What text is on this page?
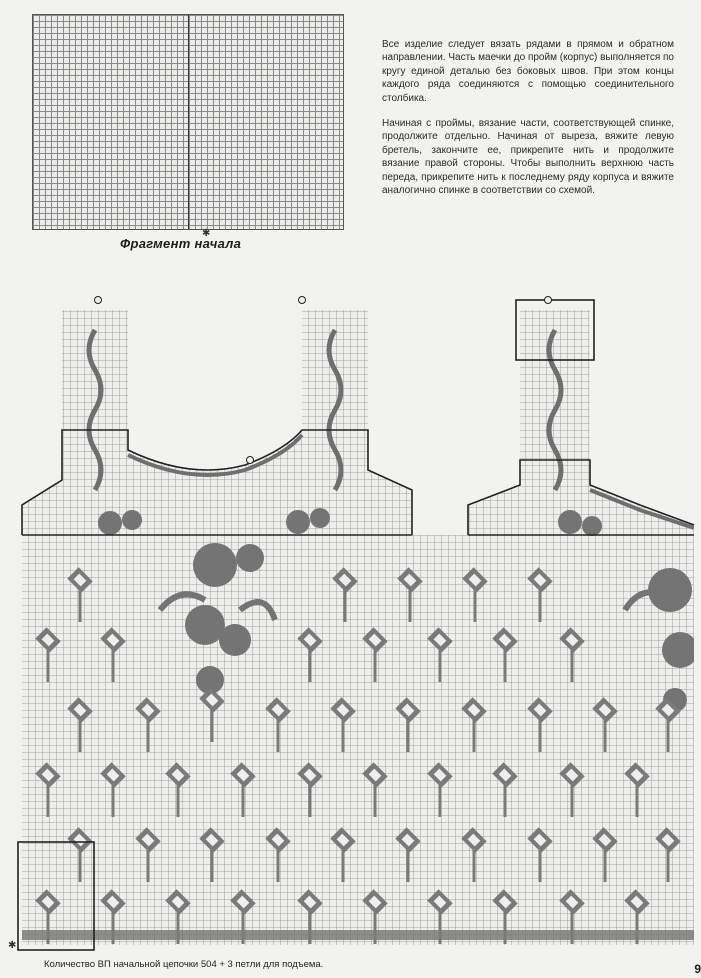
✱
Фрагмент начала

Все изделие следует вязать рядами в прямом и обратном направлении. Часть маечки до пройм (корпус) выполняется по кругу единой деталью без боковых швов. При этом концы каждого ряда соединяются с помощью соединительного столбика.

Начиная с проймы, вязание части, соответствующей спинке, продолжите отдельно. Начиная от выреза, вяжите левую бретель, закончите ее, прикрепите нить и продолжите вязание правой стороны. Чтобы выполнить верхнюю часть переда, прикрепите нить к последнему ряду корпуса и вяжите аналогично спинке в соответствии со схемой.

✱
Количество ВП начальной цепочки 504 + 3 петли для подъема.	9
